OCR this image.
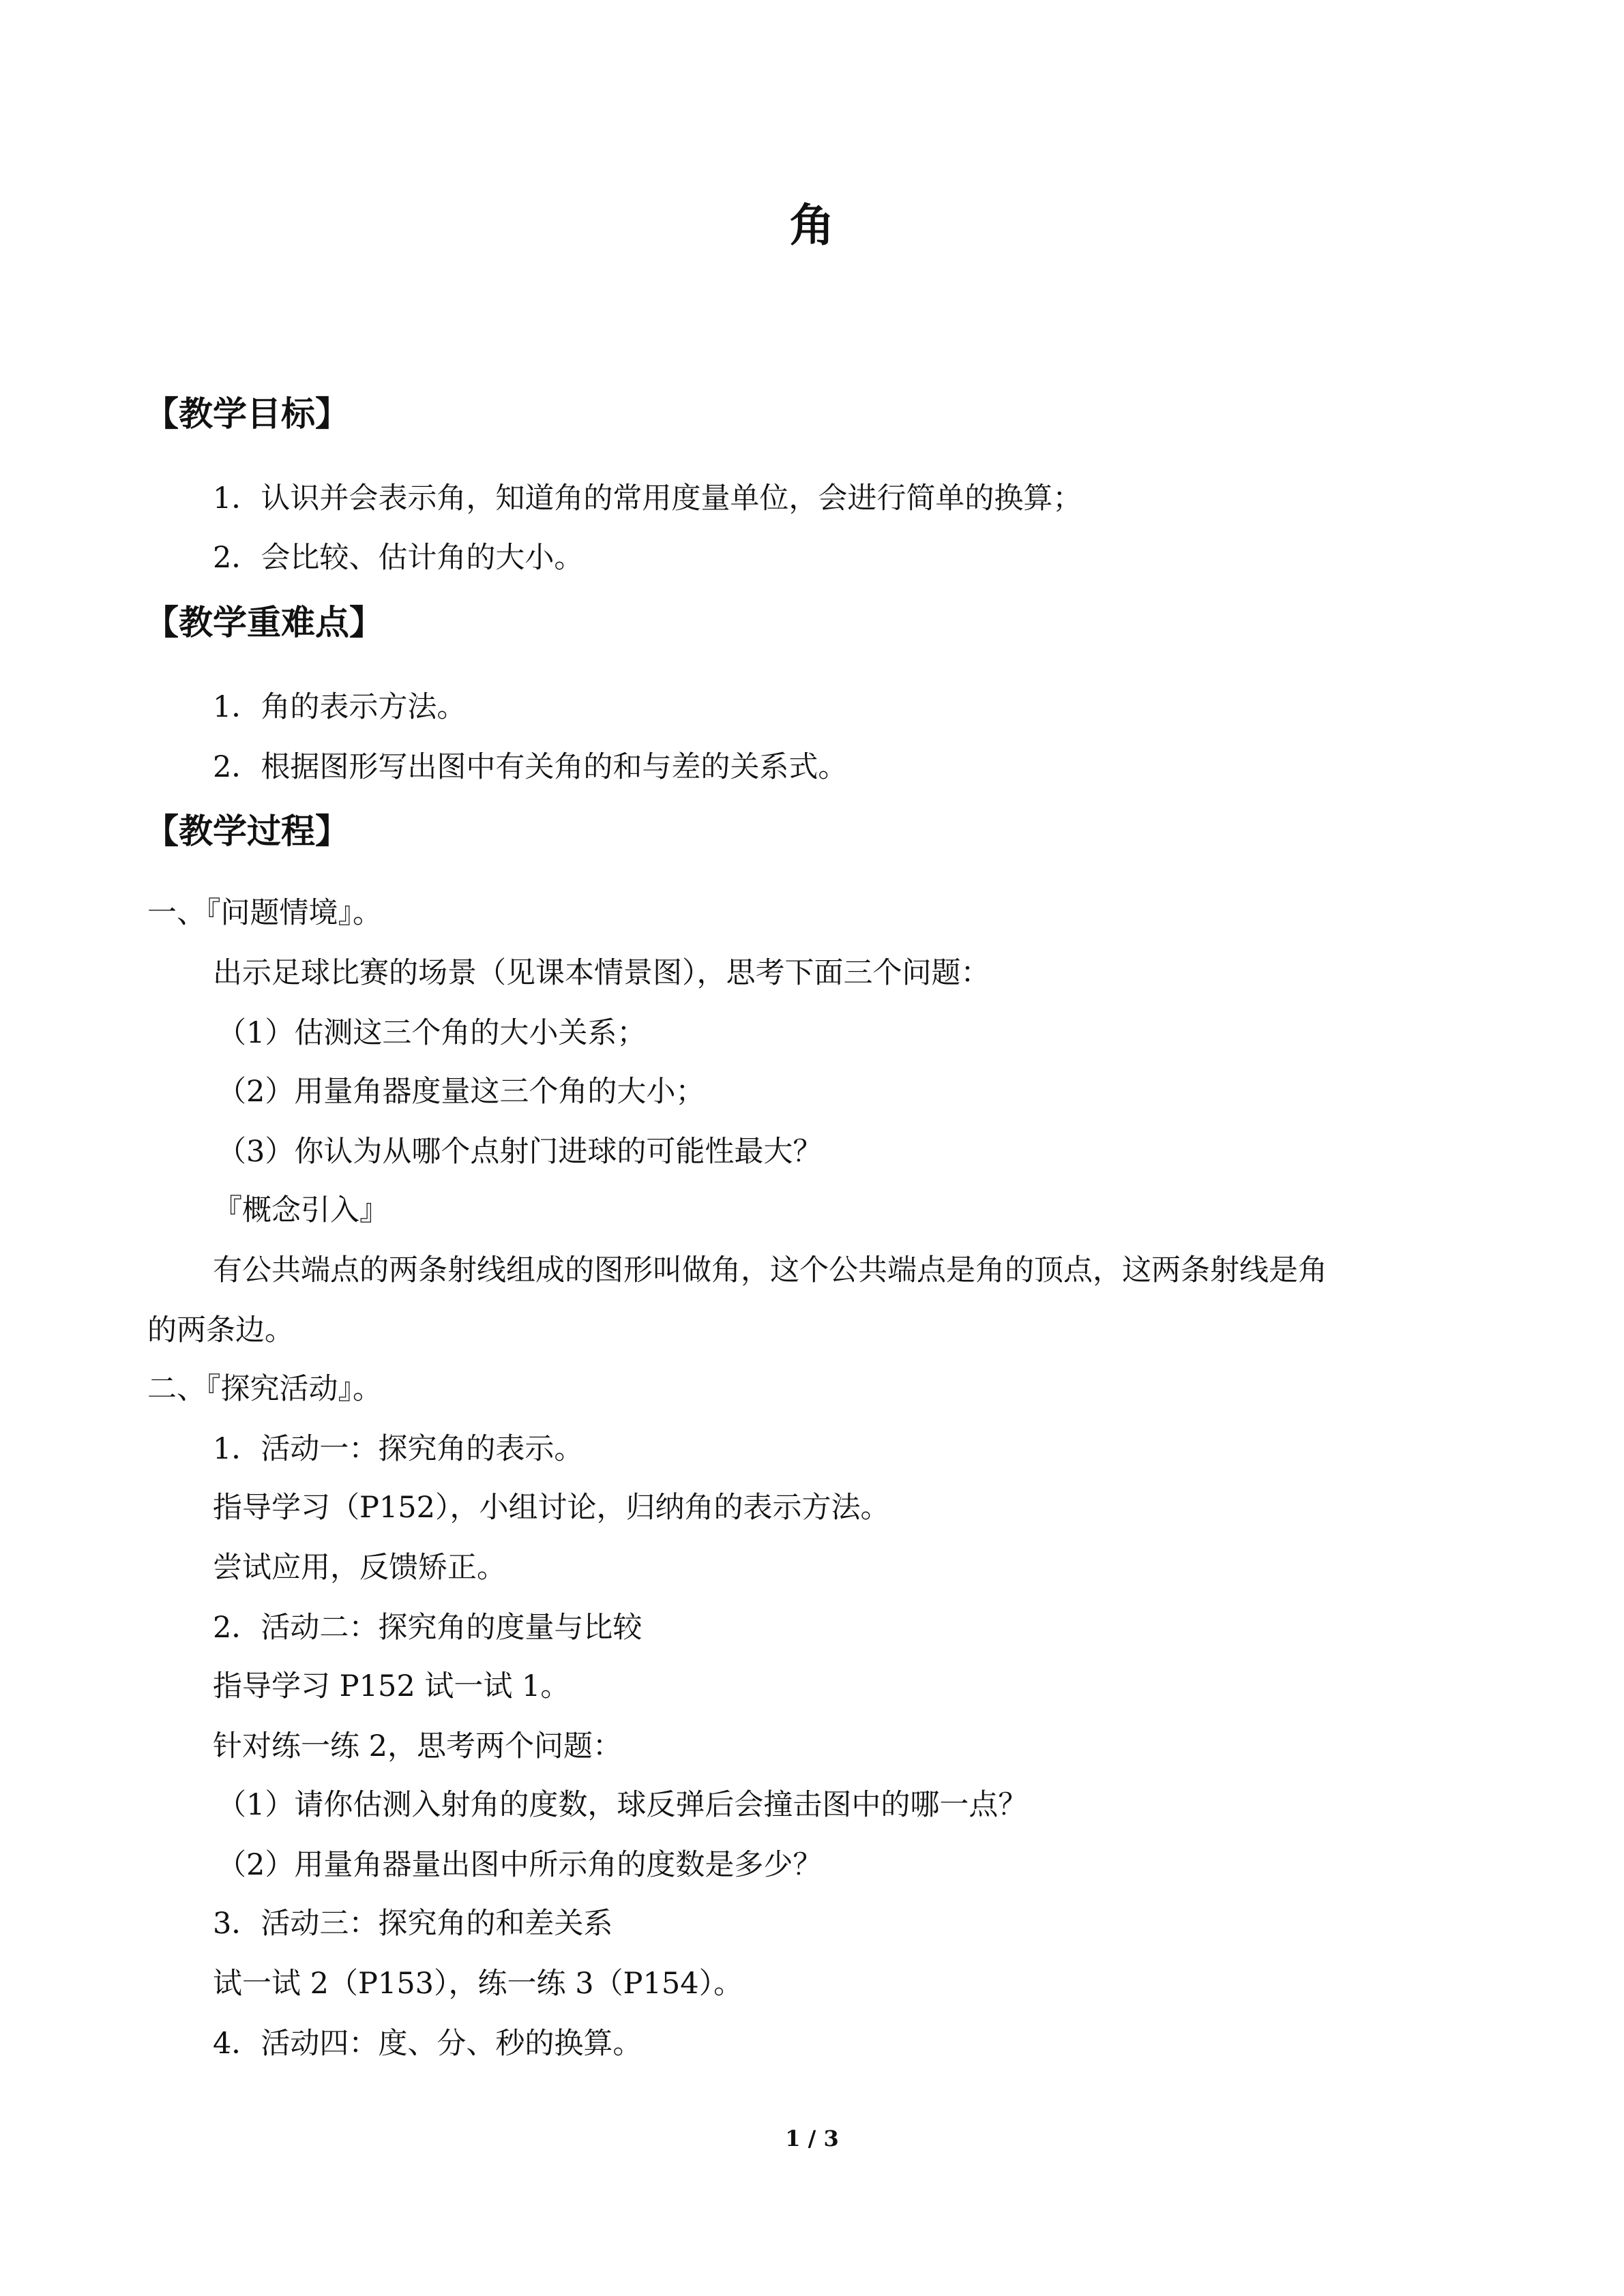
角
【教学目标】
1．认识并会表示角，知道角的常用度量单位，会进行简单的换算；
2．会比较、估计角的大小。
【教学重难点】
1．角的表示方法。
2．根据图形写出图中有关角的和与差的关系式。
【教学过程】
一、『问题情境』。
出示足球比赛的场景（见课本情景图），思考下面三个问题：
（1）估测这三个角的大小关系；
（2）用量角器度量这三个角的大小；
（3）你认为从哪个点射门进球的可能性最大？
『概念引入』
有公共端点的两条射线组成的图形叫做角，这个公共端点是角的顶点，这两条射线是角
的两条边。
二、『探究活动』。
1．活动一：探究角的表示。
指导学习（P152），小组讨论，归纳角的表示方法。
尝试应用，反馈矫正。
2．活动二：探究角的度量与比较
指导学习 P152 试一试 1。
针对练一练 2，思考两个问题：
（1）请你估测入射角的度数，球反弹后会撞击图中的哪一点？
（2）用量角器量出图中所示角的度数是多少？
3．活动三：探究角的和差关系
试一试 2（P153），练一练 3（P154）。
4．活动四：度、分、秒的换算。
1 / 3
